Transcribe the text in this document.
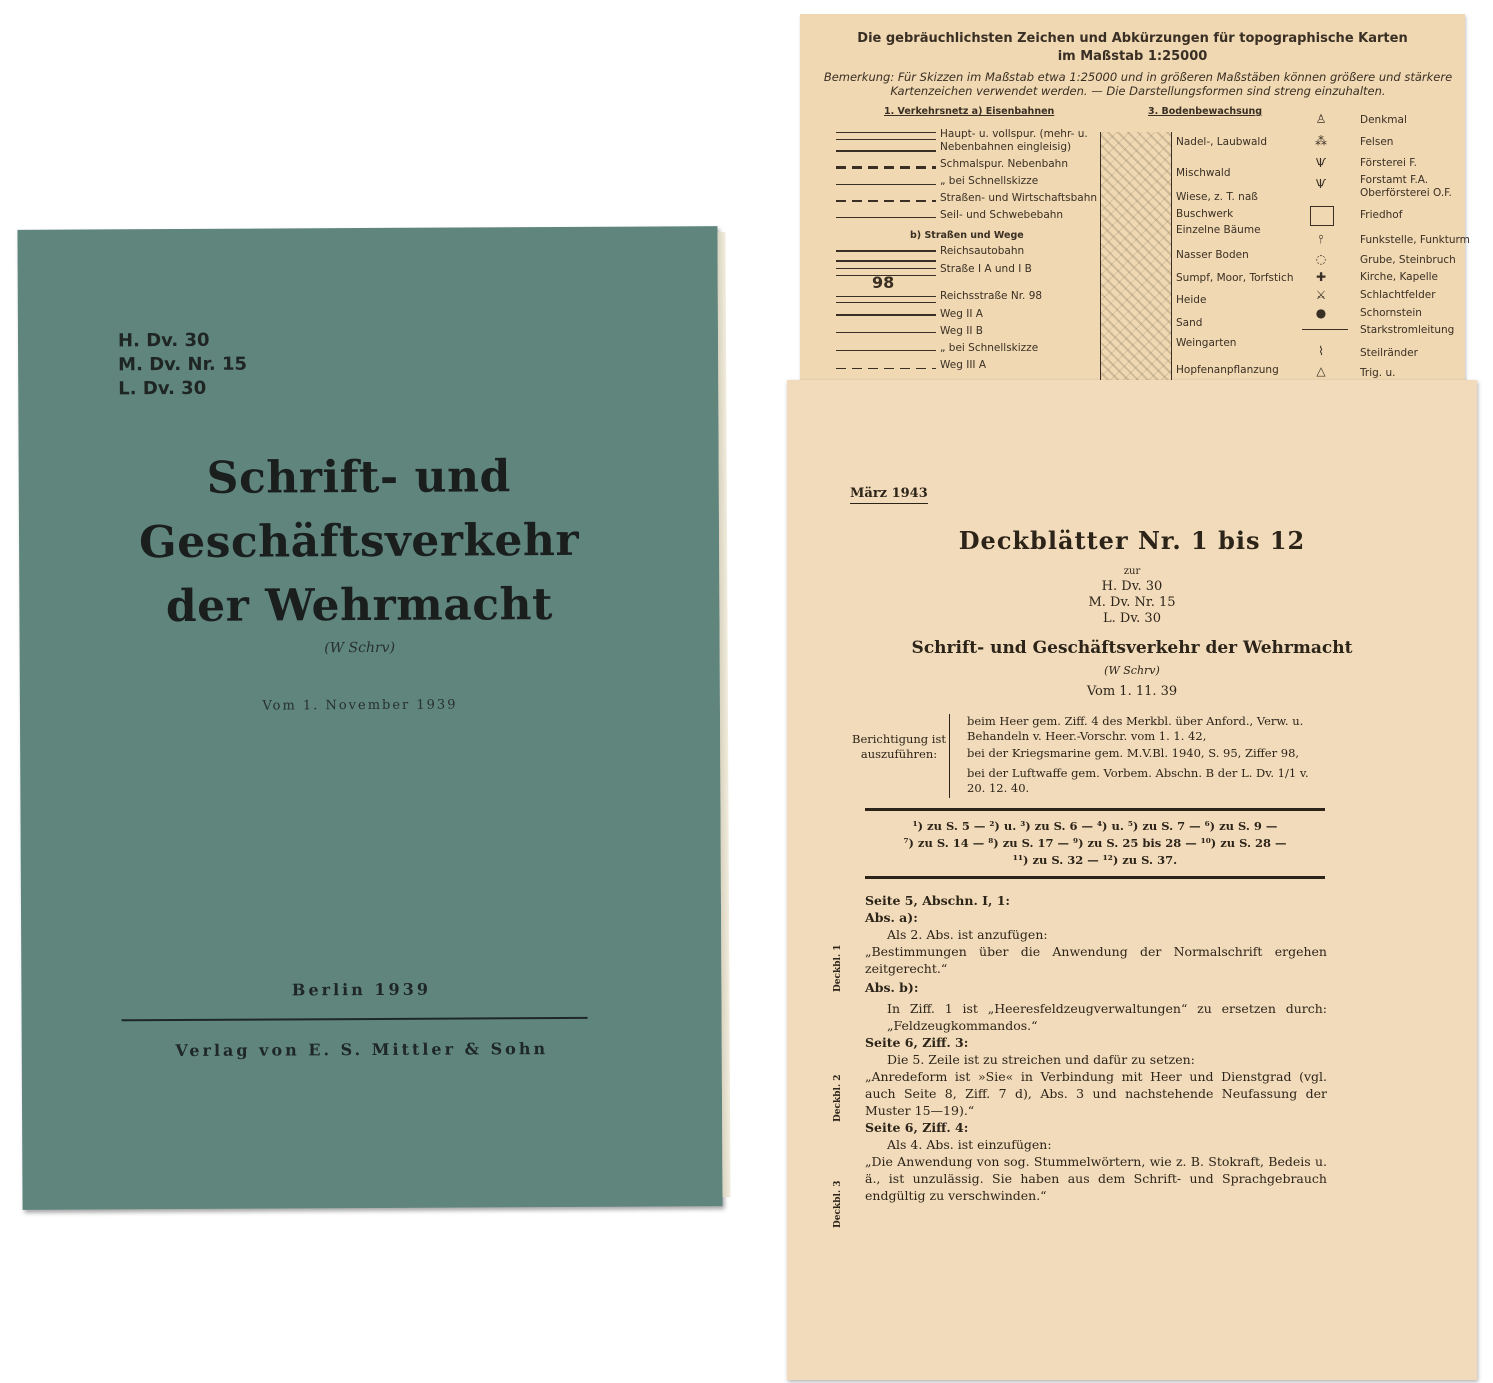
H. Dv. 30
M. Dv. Nr. 15
L. Dv. 30
Schrift- und
Geschäftsverkehr
der Wehrmacht
(W Schrv)
Vom 1. November 1939
Berlin 1939
Verlag von E. S. Mittler & Sohn
Die gebräuchlichsten Zeichen und Abkürzungen für topographische Karten
im Maßstab 1:25000
Bemerkung: Für Skizzen im Maßstab etwa 1:25000 und in größeren Maßstäben können größere und stärkere Kartenzeichen verwendet werden. — Die Darstellungsformen sind streng einzuhalten.
1. Verkehrsnetz a) Eisenbahnen	3. Bodenbewachsung
Haupt- u. vollspur. (mehr- u.
Nebenbahnen eingleisig)
Schmalspur. Nebenbahn
„ bei Schnellskizze
Straßen- und Wirtschaftsbahn
Seil- und Schwebebahn
b) Straßen und Wege
98
Reichsautobahn
Straße I A und I B
Reichsstraße Nr. 98
Weg II A
Weg II B
„ bei Schnellskizze
Weg III A
Nadel-, Laubwald
Mischwald
Wiese, z. T. naß
Buschwerk
Einzelne Bäume
Nasser Boden
Sumpf, Moor, Torfstich
Heide
Sand
Weingarten
Hopfenanpflanzung
♙
⁂
Ѱ
Ѱ
⫯
◌
✚
⚔
●
⌇
△
Denkmal
Felsen
Försterei F.
Forstamt F.A. Oberförsterei O.F.
Friedhof
Funkstelle, Funkturm
Grube, Steinbruch
Kirche, Kapelle
Schlachtfelder
Schornstein
Starkstromleitung
Steilränder
Trig. u.
März 1943
Deckblätter Nr. 1 bis 12
zur
H. Dv. 30
M. Dv. Nr. 15
L. Dv. 30
Schrift- und Geschäftsverkehr der Wehrmacht
(W Schrv)
Vom 1. 11. 39
Berichtigung ist auszuführen:
beim Heer gem. Ziff. 4 des Merkbl. über Anford., Verw. u. Behandeln v. Heer.-Vorschr. vom 1. 1. 42,
bei der Kriegsmarine gem. M.V.Bl. 1940, S. 95, Ziffer 98,
bei der Luftwaffe gem. Vorbem. Abschn. B der L. Dv. 1/1 v. 20. 12. 40.
¹) zu S. 5 — ²) u. ³) zu S. 6 — ⁴) u. ⁵) zu S. 7 — ⁶) zu S. 9 —
⁷) zu S. 14 — ⁸) zu S. 17 — ⁹) zu S. 25 bis 28 — ¹⁰) zu S. 28 —
¹¹) zu S. 32 — ¹²) zu S. 37.
Seite 5, Abschn. I, 1:
Abs. a):
Als 2. Abs. ist anzufügen:
„Bestimmungen über die Anwendung der Normalschrift ergehen zeitgerecht.“
Abs. b):
In Ziff. 1 ist „Heeresfeldzeugverwaltungen“ zu ersetzen durch: „Feldzeugkommandos.“
Seite 6, Ziff. 3:
Die 5. Zeile ist zu streichen und dafür zu setzen:
„Anredeform ist »Sie« in Verbindung mit Heer und Dienstgrad (vgl. auch Seite 8, Ziff. 7 d), Abs. 3 und nachstehende Neufassung der Muster 15—19).“
Seite 6, Ziff. 4:
Als 4. Abs. ist einzufügen:
„Die Anwendung von sog. Stummelwörtern, wie z. B. Stokraft, Bedeis u. ä., ist unzulässig. Sie haben aus dem Schrift- und Sprachgebrauch endgültig zu verschwinden.“
Deckbl. 1
Deckbl. 2
Deckbl. 3
